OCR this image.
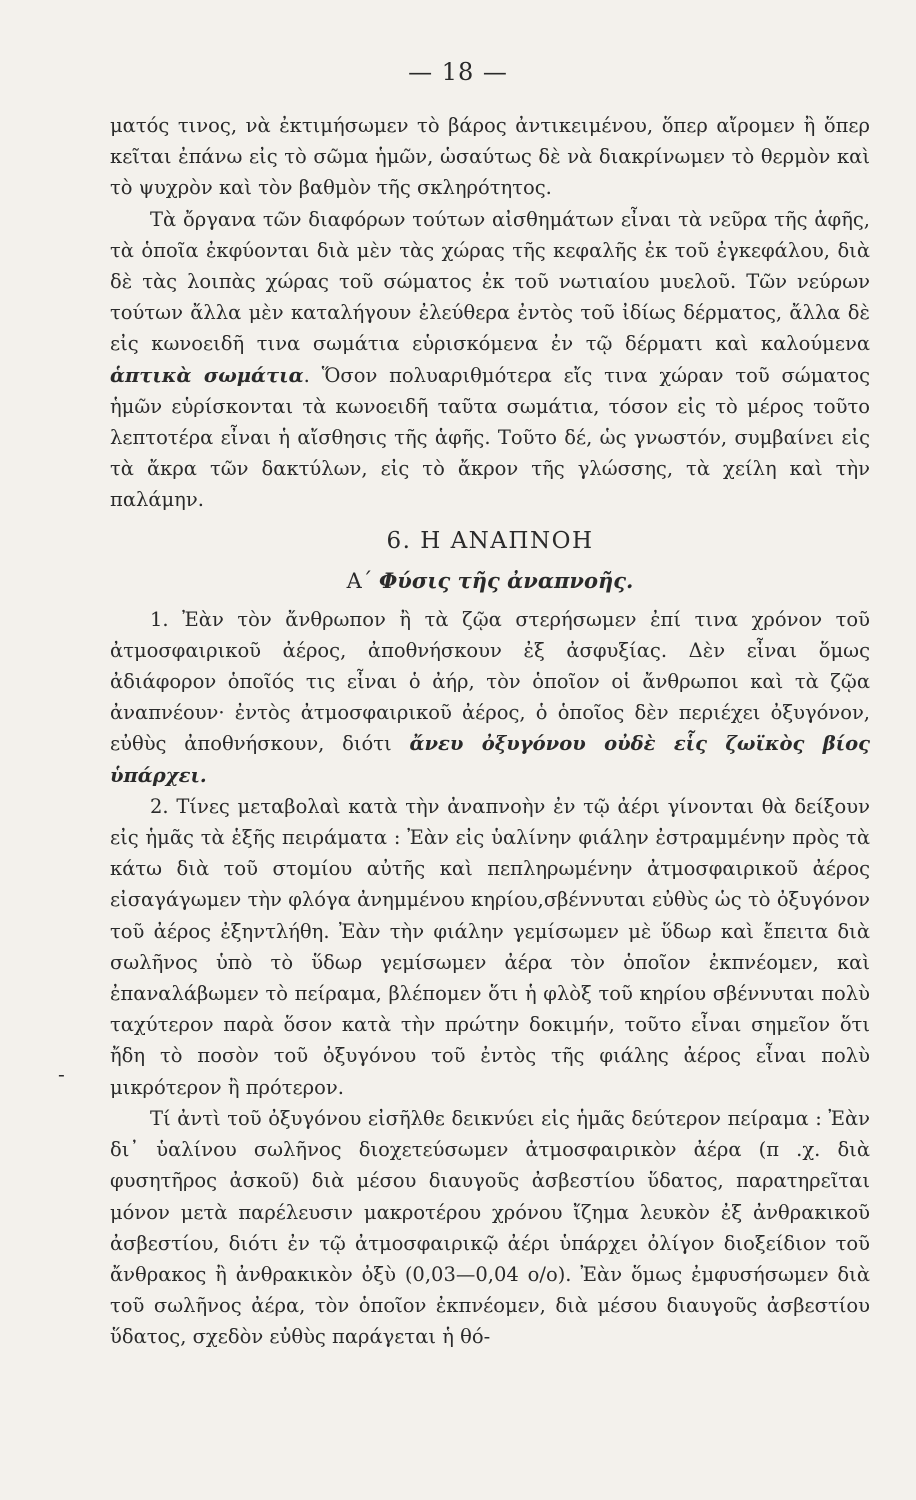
— 18 —
-

ματός τινος, νὰ ἐκτιμήσωμεν τὸ βάρος ἀντικειμένου, ὅπερ αἴρομεν ἢ ὅπερ κεῖται ἐπάνω εἰς τὸ σῶμα ἡμῶν, ὡσαύτως δὲ νὰ διακρίνωμεν τὸ θερμὸν καὶ τὸ ψυχρὸν καὶ τὸν βαθμὸν τῆς σκληρότητος.

Τὰ ὄργανα τῶν διαφόρων τούτων αἰσθημάτων εἶναι τὰ νεῦρα τῆς ἁφῆς, τὰ ὁποῖα ἐκφύονται διὰ μὲν τὰς χώρας τῆς κεφαλῆς ἐκ τοῦ ἐγκεφάλου, διὰ δὲ τὰς λοιπὰς χώρας τοῦ σώματος ἐκ τοῦ νωτιαίου μυελοῦ. Τῶν νεύρων τούτων ἄλλα μὲν καταλήγουν ἐλεύθερα ἐντὸς τοῦ ἰδίως δέρματος, ἄλλα δὲ εἰς κωνοειδῆ τινα σωμάτια εὑρισκόμενα ἐν τῷ δέρματι καὶ καλούμενα ἁπτικὰ σωμάτια. Ὅσον πολυαριθμότερα εἴς τινα χώραν τοῦ σώματος ἡμῶν εὑρίσκονται τὰ κωνοειδῆ ταῦτα σωμάτια, τόσον εἰς τὸ μέρος τοῦτο λεπτοτέρα εἶναι ἡ αἴσθησις τῆς ἁφῆς. Τοῦτο δέ, ὡς γνωστόν, συμβαίνει εἰς τὰ ἄκρα τῶν δακτύλων, εἰς τὸ ἄκρον τῆς γλώσσης, τὰ χείλη καὶ τὴν παλάμην.

6. Η ΑΝΑΠΝΟΗ
Α΄ Φύσις τῆς ἀναπνοῆς.

1. Ἐὰν τὸν ἄνθρωπον ἢ τὰ ζῷα στερήσωμεν ἐπί τινα χρόνον τοῦ ἀτμοσφαιρικοῦ ἀέρος, ἀποθνήσκουν ἐξ ἀσφυξίας. Δὲν εἶναι ὅμως ἀδιάφορον ὁποῖός τις εἶναι ὁ ἀήρ, τὸν ὁποῖον οἱ ἄνθρωποι καὶ τὰ ζῷα ἀναπνέουν· ἐντὸς ἀτμοσφαιρικοῦ ἀέρος, ὁ ὁποῖος δὲν περιέχει ὀξυγόνον, εὐθὺς ἀποθνήσκουν, διότι ἄνευ ὀξυγόνου οὐδὲ εἷς ζωϊκὸς βίος ὑπάρχει.

2. Τίνες μεταβολαὶ κατὰ τὴν ἀναπνοὴν ἐν τῷ ἀέρι γίνονται θὰ δείξουν εἰς ἡμᾶς τὰ ἑξῆς πειράματα : Ἐὰν εἰς ὑαλίνην φιάλην ἐστραμμένην πρὸς τὰ κάτω διὰ τοῦ στομίου αὐτῆς καὶ πεπληρωμένην ἀτμοσφαιρικοῦ ἀέρος εἰσαγάγωμεν τὴν φλόγα ἀνημμένου κηρίου,σβέννυται εὐθὺς ὡς τὸ ὀξυγόνον τοῦ ἀέρος ἐξηντλήθη. Ἐὰν τὴν φιάλην γεμίσωμεν μὲ ὕδωρ καὶ ἔπειτα διὰ σωλῆνος ὑπὸ τὸ ὕδωρ γεμίσωμεν ἀέρα τὸν ὁποῖον ἐκπνέομεν, καὶ ἐπαναλάβωμεν τὸ πείραμα, βλέπομεν ὅτι ἡ φλὸξ τοῦ κηρίου σβέννυται πολὺ ταχύτερον παρὰ ὅσον κατὰ τὴν πρώτην δοκιμήν, τοῦτο εἶναι σημεῖον ὅτι ἤδη τὸ ποσὸν τοῦ ὀξυγόνου τοῦ ἐντὸς τῆς φιάλης ἀέρος εἶναι πολὺ μικρότερον ἢ πρότερον.

Τί ἀντὶ τοῦ ὀξυγόνου εἰσῆλθε δεικνύει εἰς ἡμᾶς δεύτερον πείραμα : Ἐὰν δι᾽ ὑαλίνου σωλῆνος διοχετεύσωμεν ἀτμοσφαιρικὸν ἀέρα (π .χ. διὰ φυσητῆρος ἀσκοῦ) διὰ μέσου διαυγοῦς ἀσβεστίου ὕδατος, παρατηρεῖται μόνον μετὰ παρέλευσιν μακροτέρου χρόνου ἴζημα λευκὸν ἐξ ἀνθρακικοῦ ἀσβεστίου, διότι ἐν τῷ ἀτμοσφαιρικῷ ἀέρι ὑπάρχει ὀλίγον διοξείδιον τοῦ ἄνθρακος ἢ ἀνθρακικὸν ὀξὺ (0,03—0,04 ο/ο). Ἐὰν ὅμως ἐμφυσήσωμεν διὰ τοῦ σωλῆνος ἀέρα, τὸν ὁποῖον ἐκπνέομεν, διὰ μέσου διαυγοῦς ἀσβεστίου ὕδατος, σχεδὸν εὐθὺς παράγεται ἡ θό-
